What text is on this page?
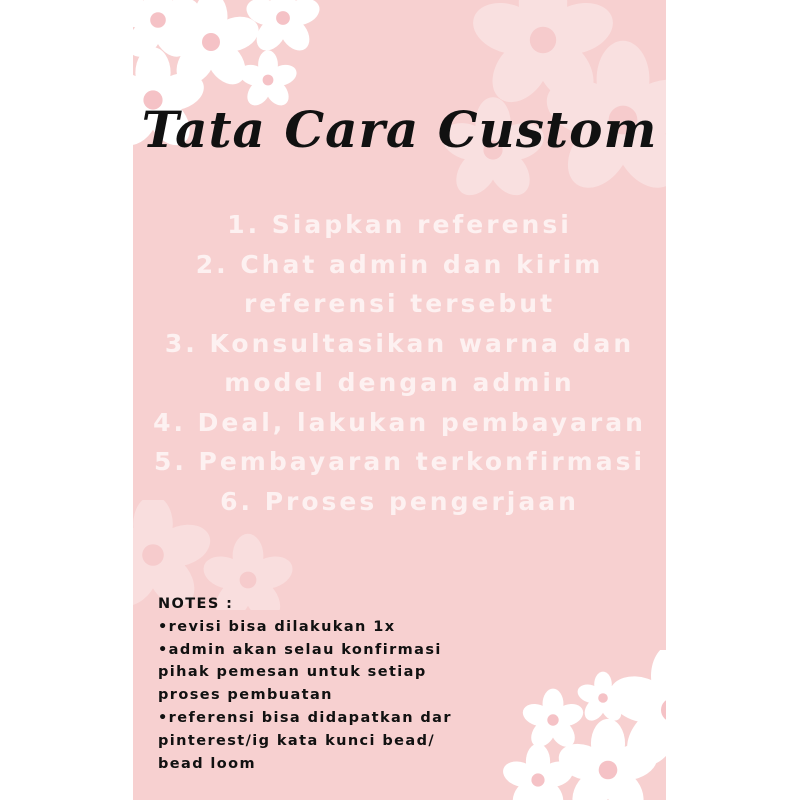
Tata Cara Custom
1. Siapkan referensi
2. Chat admin dan kirim
referensi tersebut
3. Konsultasikan warna dan
model dengan admin
4. Deal, lakukan pembayaran
5. Pembayaran terkonfirmasi
6. Proses pengerjaan
NOTES :
•revisi bisa dilakukan 1x
•admin akan selau konfirmasi
pihak pemesan untuk setiap
proses pembuatan
•referensi bisa didapatkan dar
pinterest/ig kata kunci bead/
bead loom
